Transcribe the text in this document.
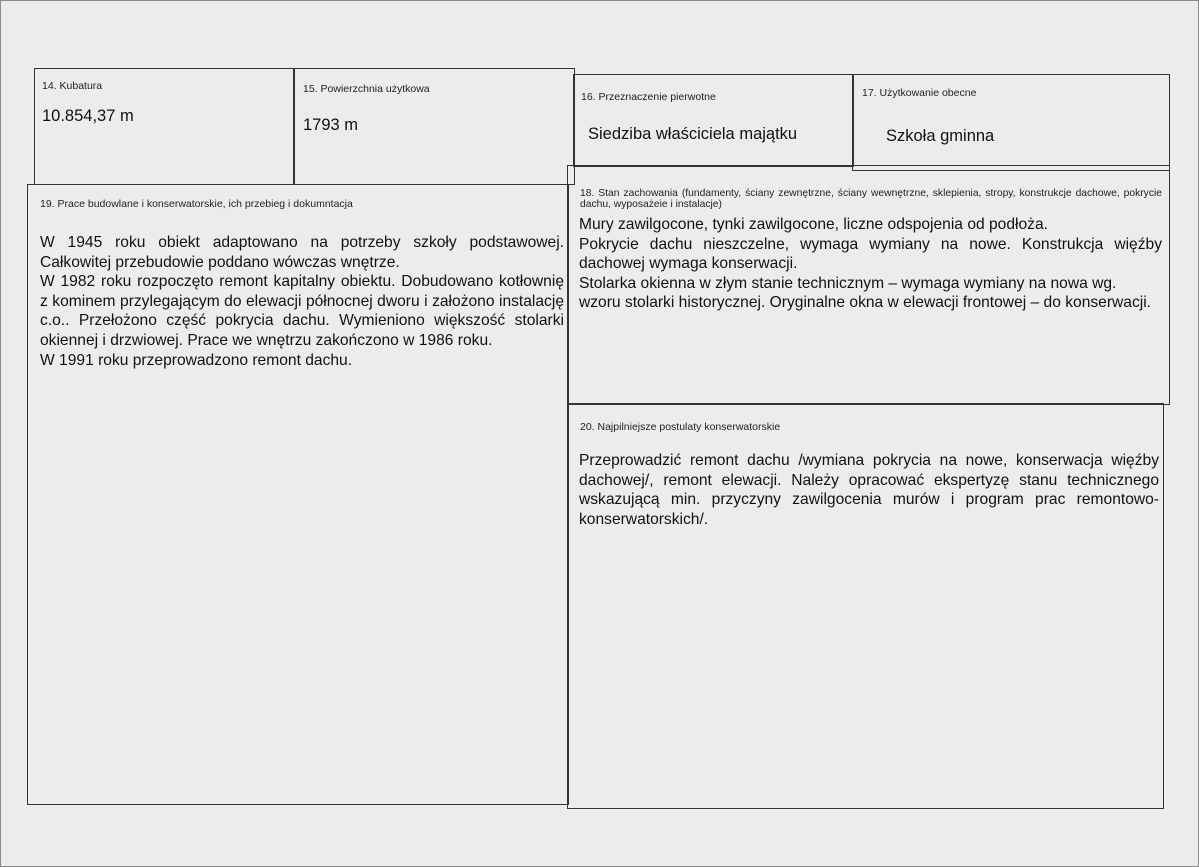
14. Kubatura
10.854,37 m
15. Powierzchnia użytkowa
1793 m
16. Przeznaczenie pierwotne
Siedziba właściciela majątku
17. Użytkowanie obecne
Szkoła gminna
19. Prace budowlane i konserwatorskie, ich przebieg i dokumntacja

W 1945 roku obiekt adaptowano na potrzeby szkoły podstawowej. Całkowitej przebudowie poddano wówczas wnętrze.

W 1982 roku rozpoczęto remont kapitalny obiektu. Dobudowano kotłownię z kominem przylegającym do elewacji północnej dworu i założono instalację c.o.. Przełożono część pokrycia dachu. Wymieniono większość stolarki okiennej i drzwiowej. Prace we wnętrzu zakończono w 1986 roku.

W 1991 roku przeprowadzono remont dachu.

18. Stan zachowania (fundamenty, ściany zewnętrzne, ściany wewnętrzne, sklepienia, stropy, konstrukcje dachowe, pokrycie dachu, wyposażeie i instalacje)

Mury zawilgocone, tynki zawilgocone, liczne odspojenia od podłoża.

Pokrycie dachu nieszczelne, wymaga wymiany na nowe. Konstrukcja więźby dachowej wymaga konserwacji.

Stolarka okienna w złym stanie technicznym – wymaga wymiany na nowa wg. wzoru stolarki historycznej. Oryginalne okna w elewacji frontowej – do konserwacji.

20. Najpilniejsze postulaty konserwatorskie

Przeprowadzić remont dachu /wymiana pokrycia na nowe, konserwacja więźby dachowej/, remont elewacji. Należy opracować ekspertyzę stanu technicznego wskazującą min. przyczyny zawilgocenia murów i program prac remontowo-konserwatorskich/.
